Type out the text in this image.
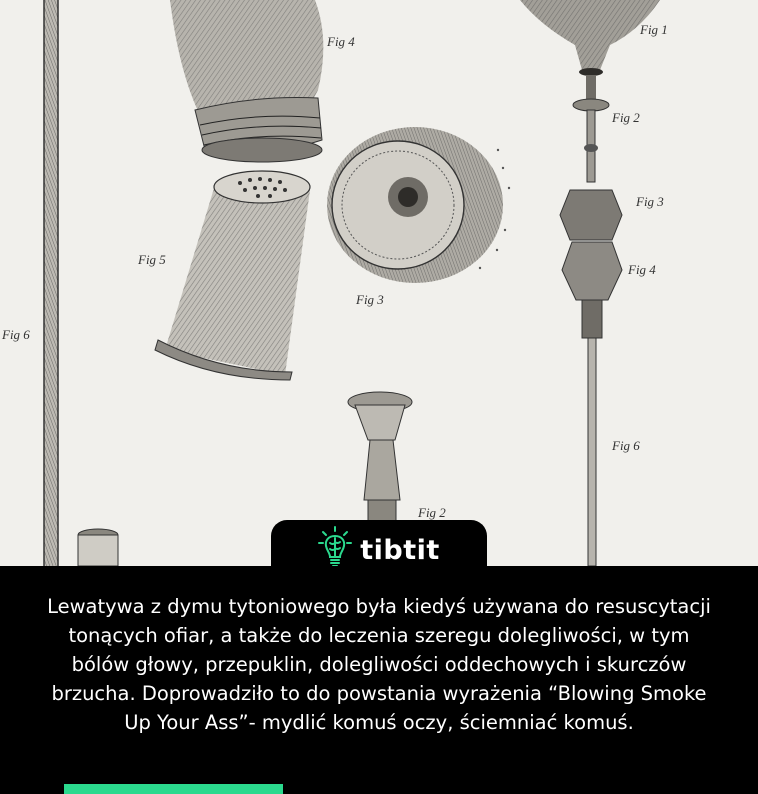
Fig 4
Fig 1
Fig 2
Fig 3
Fig 4
Fig 5
Fig 3
Fig 6
Fig 6
Fig 2
tibtit

Lewatywa z dymu tytoniowego była kiedyś używana do resuscytacji tonących ofiar, a także do leczenia szeregu dolegliwości, w tym bólów głowy, przepuklin, dolegliwości oddechowych i skurczów brzucha. Doprowadziło to do powstania wyrażenia “Blowing Smoke Up Your Ass”- mydlić komuś oczy, ściemniać komuś.
